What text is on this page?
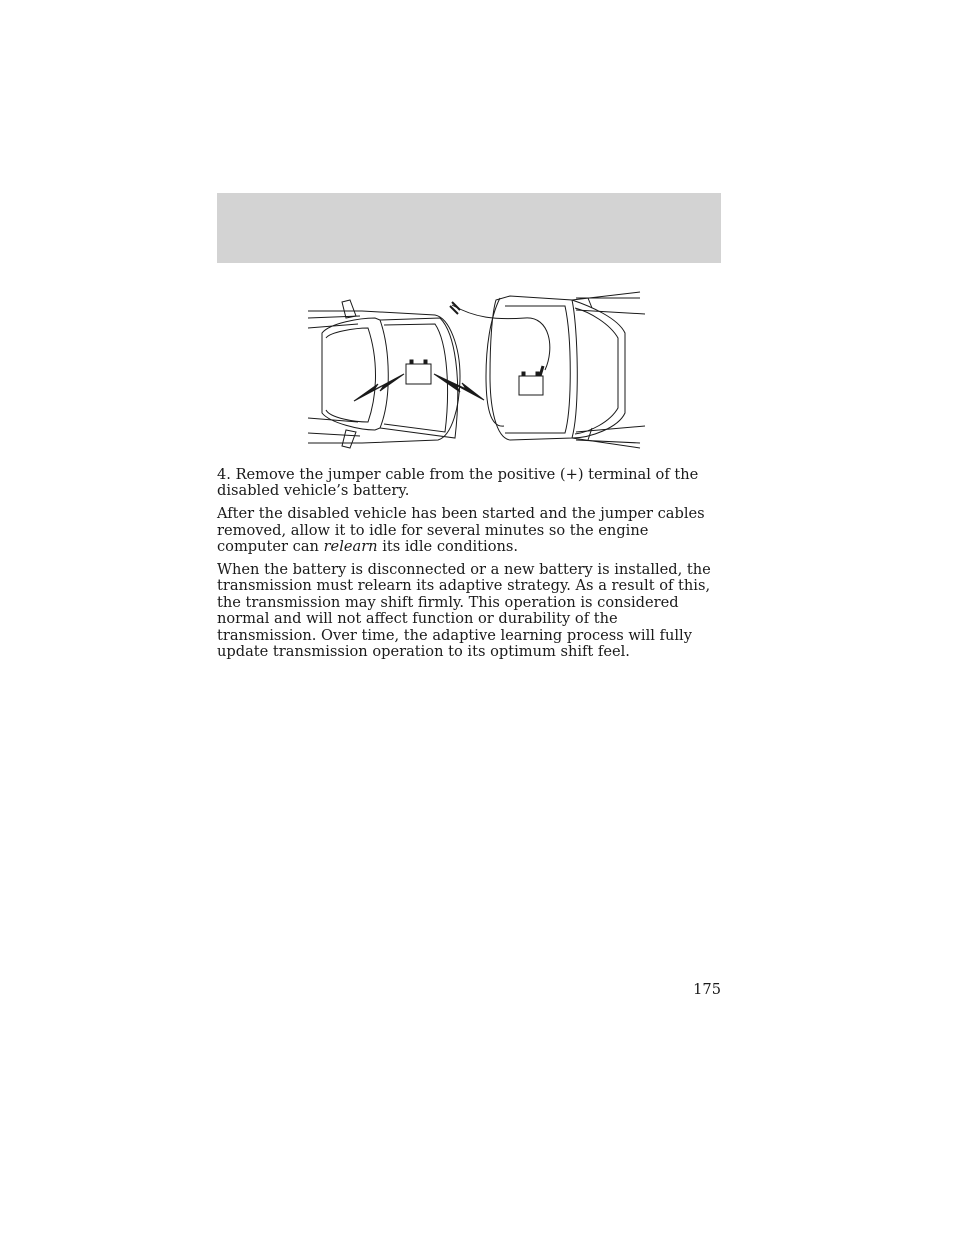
4. Remove the jumper cable from the positive (+) terminal of the disabled vehicle’s battery.

After the disabled vehicle has been started and the jumper cables removed, allow it to idle for several minutes so the engine computer can relearn its idle conditions.

When the battery is disconnected or a new battery is installed, the transmission must relearn its adaptive strategy. As a result of this, the transmission may shift firmly. This operation is considered normal and will not affect function or durability of the transmission. Over time, the adaptive learning process will fully update transmission operation to its optimum shift feel.

175
